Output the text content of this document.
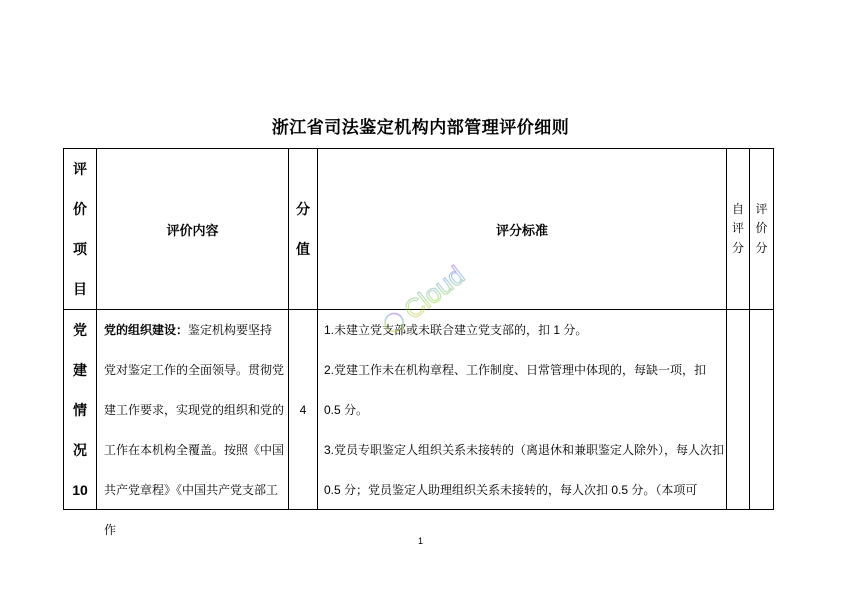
浙江省司法鉴定机构内部管理评价细则
评价项目	评价内容	分值	评分标准	自评分	评价分

党建情况10	党的组织建设：鉴定机构要坚持党对鉴定工作的全面领导。贯彻党建工作要求，实现党的组织和党的工作在本机构全覆盖。按照《中国共产党章程》《中国共产党支部工作	4	1.未建立党支部或未联合建立党支部的，扣 1 分。

2.党建工作未在机构章程、工作制度、日常管理中体现的，每缺一项，扣 0.5 分。

3.党员专职鉴定人组织关系未接转的（离退休和兼职鉴定人除外），每人次扣 0.5 分；党员鉴定人助理组织关系未接转的，每人次扣 0.5 分。（本项可		

Cloud
1
